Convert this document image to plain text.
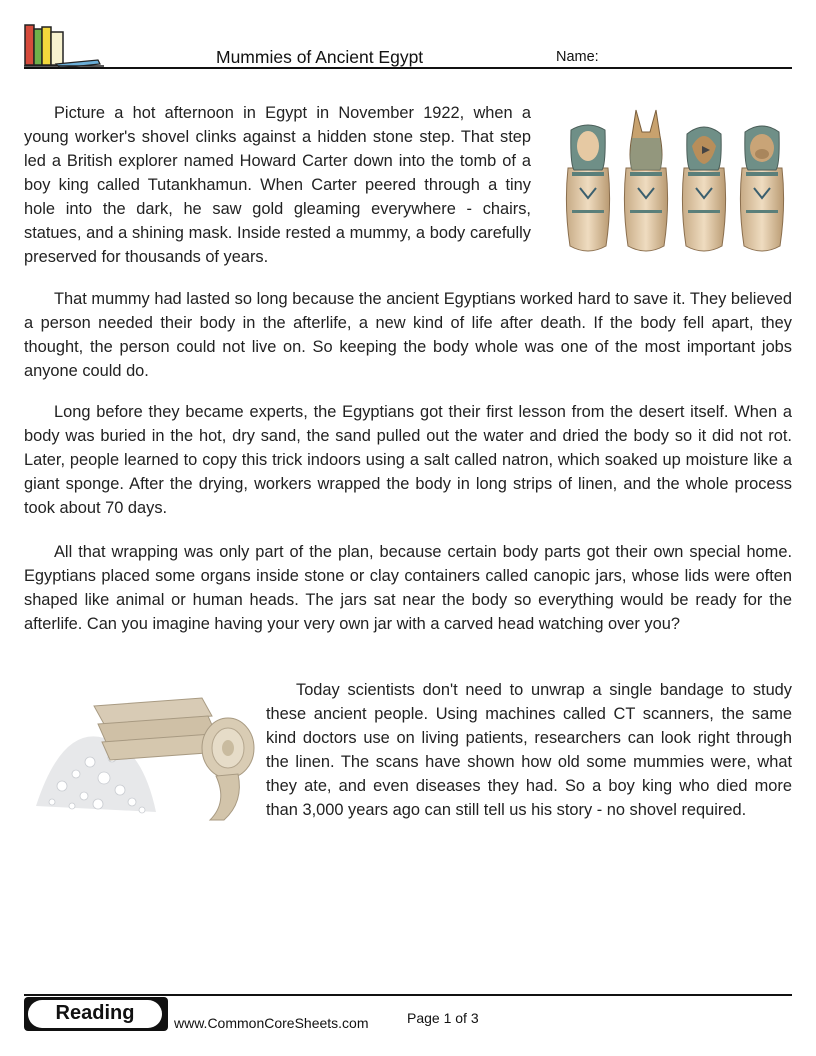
Mummies of Ancient Egypt	Name:

Picture a hot afternoon in Egypt in November 1922, when a young worker's shovel clinks against a hidden stone step. That step led a British explorer named Howard Carter down into the tomb of a boy king called Tutankhamun. When Carter peered through a tiny hole into the dark, he saw gold gleaming everywhere - chairs, statues, and a shining mask. Inside rested a mummy, a body carefully preserved for thousands of years.

That mummy had lasted so long because the ancient Egyptians worked hard to save it. They believed a person needed their body in the afterlife, a new kind of life after death. If the body fell apart, they thought, the person could not live on. So keeping the body whole was one of the most important jobs anyone could do.

Long before they became experts, the Egyptians got their first lesson from the desert itself. When a body was buried in the hot, dry sand, the sand pulled out the water and dried the body so it did not rot. Later, people learned to copy this trick indoors using a salt called natron, which soaked up moisture like a giant sponge. After the drying, workers wrapped the body in long strips of linen, and the whole process took about 70 days.

All that wrapping was only part of the plan, because certain body parts got their own special home. Egyptians placed some organs inside stone or clay containers called canopic jars, whose lids were often shaped like animal or human heads. The jars sat near the body so everything would be ready for the afterlife. Can you imagine having your very own jar with a carved head watching over you?

Today scientists don't need to unwrap a single bandage to study these ancient people. Using machines called CT scanners, the same kind doctors use on living patients, researchers can look right through the linen. The scans have shown how old some mummies were, what they ate, and even diseases they had. So a boy king who died more than 3,000 years ago can still tell us his story - no shovel required.

Reading	www.CommonCoreSheets.com	Page 1 of 3
